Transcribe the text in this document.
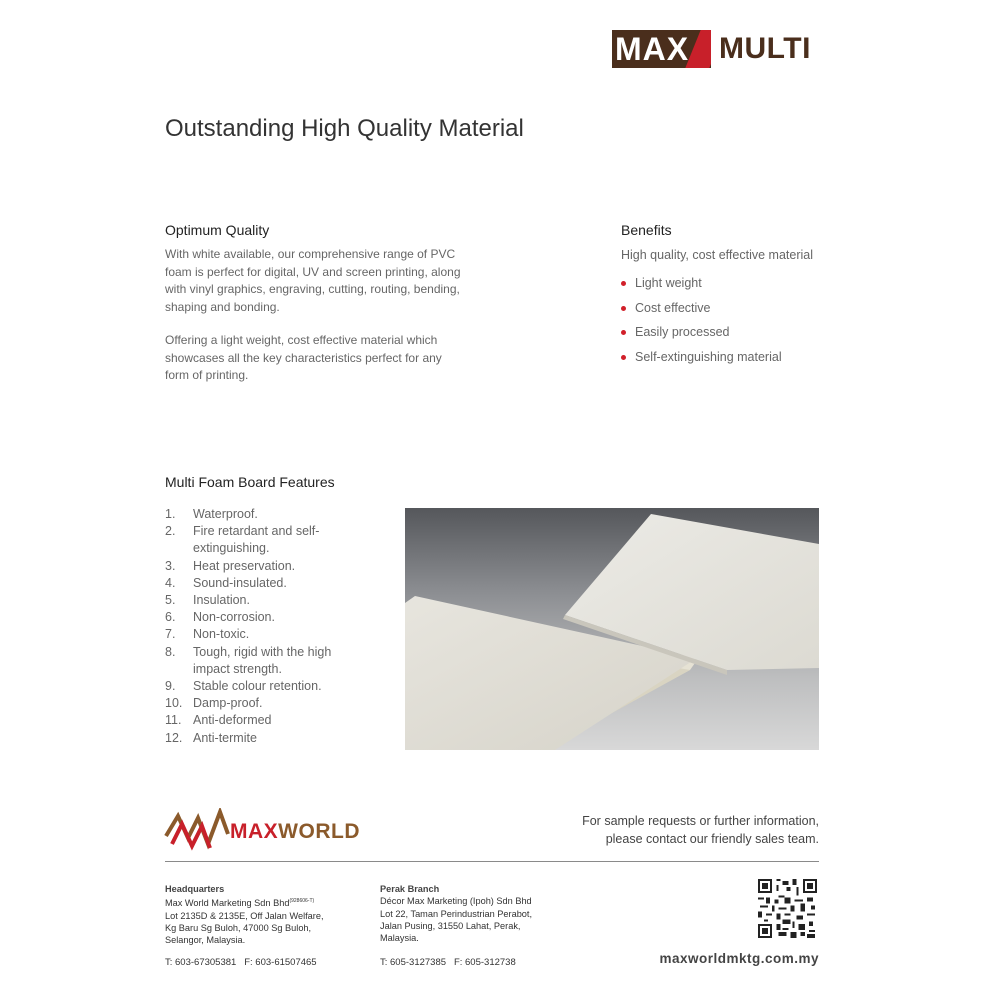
MAX MULTI
Outstanding High Quality Material
Optimum Quality

With white available, our comprehensive range of PVC foam is perfect for digital, UV and screen printing, along with vinyl graphics, engraving, cutting, routing, bending, shaping and bonding.

Offering a light weight, cost effective material which showcases all the key characteristics perfect for any form of printing.

Benefits

High quality, cost effective material

Light weight
Cost effective
Easily processed
Self-extinguishing material
Multi Foam Board Features
1.	Waterproof.
2.	Fire retardant and self-extinguishing.
3.	Heat preservation.
4.	Sound-insulated.
5.	Insulation.
6.	Non-corrosion.
7.	Non-toxic.
8.	Tough, rigid with the high impact strength.
9.	Stable colour retention.
10. Damp-proof.
11. Anti-deformed
12. Anti-termite
MAXWORLD	For sample requests or further information,
please contact our friendly sales team.
Headquarters
Max World Marketing Sdn Bhd$^{(928606-T)}$
Lot 2135D & 2135E, Off Jalan Welfare,
Kg Baru Sg Buloh, 47000 Sg Buloh,
Selangor, Malaysia.
T: 603-67305381   F: 603-61507465
Perak Branch
Décor Max Marketing (Ipoh) Sdn Bhd
Lot 22, Taman Perindustrian Perabot,
Jalan Pusing, 31550 Lahat, Perak,
Malaysia.
T: 605-3127385   F: 605-312738	maxworldmktg.com.my
